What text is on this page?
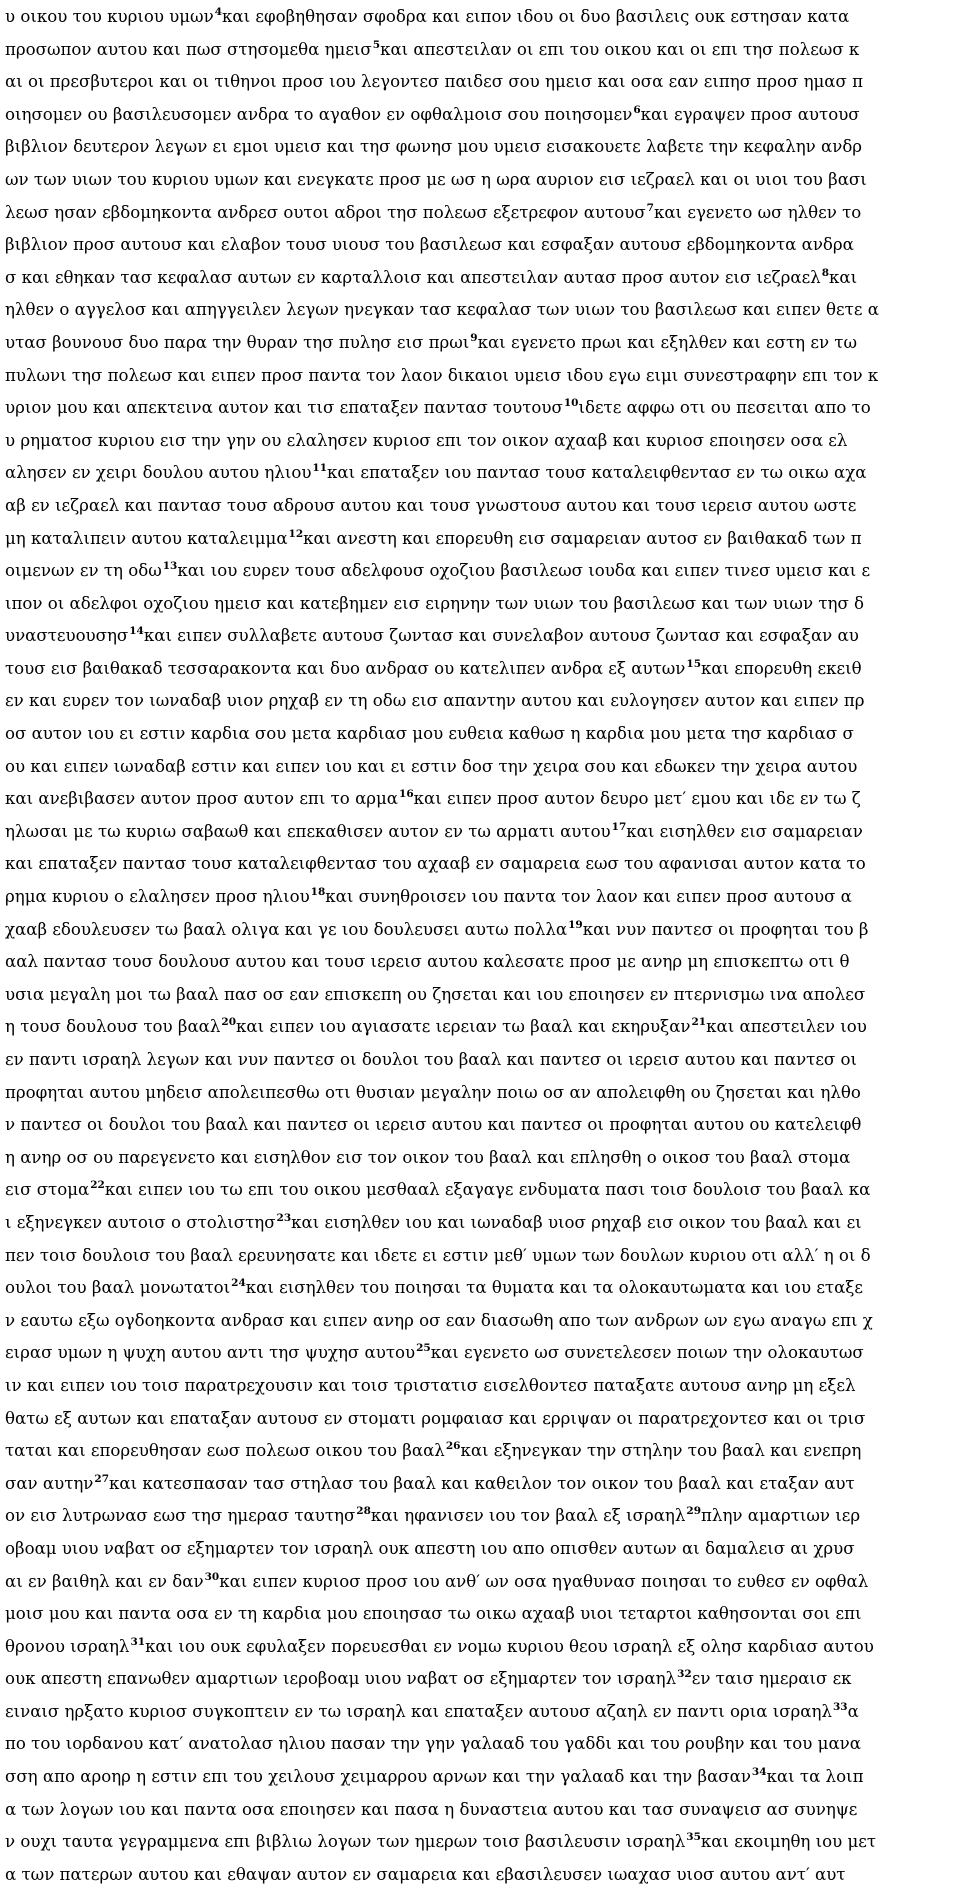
υ οικου του κυριου υμων$^4$και εφοβηθησαν σφοδρα και ειπον ιδου οι δυο βασιλεις ουκ εστησαν κατα
προσωπον αυτου και πωσ στησομεθα ημεισ$^5$και απεστειλαν οι επι του οικου και οι επι τησ πολεωσ κ
αι οι πρεσβυτεροι και οι τιθηνοι προσ ιου λεγοντεσ παιδεσ σου ημεισ και οσα εαν ειπησ προσ ημασ π
οιησομεν ου βασιλευσομεν ανδρα το αγαθον εν οφθαλμοισ σου ποιησομεν$^6$και εγραψεν προσ αυτουσ
βιβλιον δευτερον λεγων ει εμοι υμεισ και τησ φωνησ μου υμεισ εισακουετε λαβετε την κεφαλην ανδρ
ων των υιων του κυριου υμων και ενεγκατε προσ με ωσ η ωρα αυριον εισ ιεζραελ και οι υιοι του βασι
λεωσ ησαν εβδομηκοντα ανδρεσ ουτοι αδροι τησ πολεωσ εξετρεφον αυτουσ$^7$και εγενετο ωσ ηλθεν το
βιβλιον προσ αυτουσ και ελαβον τουσ υιουσ του βασιλεωσ και εσφαξαν αυτουσ εβδομηκοντα ανδρα
σ και εθηκαν τασ κεφαλασ αυτων εν καρταλλοισ και απεστειλαν αυτασ προσ αυτον εισ ιεζραελ$^8$και
ηλθεν ο αγγελοσ και απηγγειλεν λεγων ηνεγκαν τασ κεφαλασ των υιων του βασιλεωσ και ειπεν θετε α
υτασ βουνουσ δυο παρα την θυραν τησ πυλησ εισ πρωι$^9$και εγενετο πρωι και εξηλθεν και εστη εν τω
πυλωνι τησ πολεωσ και ειπεν προσ παντα τον λαον δικαιοι υμεισ ιδου εγω ειμι συνεστραφην επι τον κ
υριον μου και απεκτεινα αυτον και τισ επαταξεν παντασ τουτουσ$^{10}$ιδετε αφφω οτι ου πεσειται απο το
υ ρηματοσ κυριου εισ την γην ου ελαλησεν κυριοσ επι τον οικον αχααβ και κυριοσ εποιησεν οσα ελ
αλησεν εν χειρι δουλου αυτου ηλιου$^{11}$και επαταξεν ιου παντασ τουσ καταλειφθεντασ εν τω οικω αχα
αβ εν ιεζραελ και παντασ τουσ αδρουσ αυτου και τουσ γνωστουσ αυτου και τουσ ιερεισ αυτου ωστε
μη καταλιπειν αυτου καταλειμμα$^{12}$και ανεστη και επορευθη εισ σαμαρειαν αυτοσ εν βαιθακαδ των π
οιμενων εν τη οδω$^{13}$και ιου ευρεν τουσ αδελφουσ οχοζιου βασιλεωσ ιουδα και ειπεν τινεσ υμεισ και ε
ιπον οι αδελφοι οχοζιου ημεισ και κατεβημεν εισ ειρηνην των υιων του βασιλεωσ και των υιων τησ δ
υναστευουσησ$^{14}$και ειπεν συλλαβετε αυτουσ ζωντασ και συνελαβον αυτουσ ζωντασ και εσφαξαν αυ
τουσ εισ βαιθακαδ τεσσαρακοντα και δυο ανδρασ ου κατελιπεν ανδρα εξ αυτων$^{15}$και επορευθη εκειθ
εν και ευρεν τον ιωναδαβ υιον ρηχαβ εν τη οδω εισ απαντην αυτου και ευλογησεν αυτον και ειπεν πρ
οσ αυτον ιου ει εστιν καρδια σου μετα καρδιασ μου ευθεια καθωσ η καρδια μου μετα τησ καρδιασ σ
ου και ειπεν ιωναδαβ εστιν και ειπεν ιου και ει εστιν δοσ την χειρα σου και εδωκεν την χειρα αυτου
και ανεβιβασεν αυτον προσ αυτον επι το αρμα$^{16}$και ειπεν προσ αυτον δευρο μετ′ εμου και ιδε εν τω ζ
ηλωσαι με τω κυριω σαβαωθ και επεκαθισεν αυτον εν τω αρματι αυτου$^{17}$και εισηλθεν εισ σαμαρειαν
και επαταξεν παντασ τουσ καταλειφθεντασ του αχααβ εν σαμαρεια εωσ του αφανισαι αυτον κατα το
ρημα κυριου ο ελαλησεν προσ ηλιου$^{18}$και συνηθροισεν ιου παντα τον λαον και ειπεν προσ αυτουσ α
χααβ εδουλευσεν τω βααλ ολιγα και γε ιου δουλευσει αυτω πολλα$^{19}$και νυν παντεσ οι προφηται του β
ααλ παντασ τουσ δουλουσ αυτου και τουσ ιερεισ αυτου καλεσατε προσ με ανηρ μη επισκεπτω οτι θ
υσια μεγαλη μοι τω βααλ πασ οσ εαν επισκεπη ου ζησεται και ιου εποιησεν εν πτερνισμω ινα απολεσ
η τουσ δουλουσ του βααλ$^{20}$και ειπεν ιου αγιασατε ιερειαν τω βααλ και εκηρυξαν$^{21}$και απεστειλεν ιου
εν παντι ισραηλ λεγων και νυν παντεσ οι δουλοι του βααλ και παντεσ οι ιερεισ αυτου και παντεσ οι
προφηται αυτου μηδεισ απολειπεσθω οτι θυσιαν μεγαλην ποιω οσ αν απολειφθη ου ζησεται και ηλθο
ν παντεσ οι δουλοι του βααλ και παντεσ οι ιερεισ αυτου και παντεσ οι προφηται αυτου ου κατελειφθ
η ανηρ οσ ου παρεγενετο και εισηλθον εισ τον οικον του βααλ και επλησθη ο οικοσ του βααλ στομα
εισ στομα$^{22}$και ειπεν ιου τω επι του οικου μεσθααλ εξαγαγε ενδυματα πασι τοισ δουλοισ του βααλ κα
ι εξηνεγκεν αυτοισ ο στολιστησ$^{23}$και εισηλθεν ιου και ιωναδαβ υιοσ ρηχαβ εισ οικον του βααλ και ει
πεν τοισ δουλοισ του βααλ ερευνησατε και ιδετε ει εστιν μεθ′ υμων των δουλων κυριου οτι αλλ′ η οι δ
ουλοι του βααλ μονωτατοι$^{24}$και εισηλθεν του ποιησαι τα θυματα και τα ολοκαυτωματα και ιου εταξε
ν εαυτω εξω ογδοηκοντα ανδρασ και ειπεν ανηρ οσ εαν διασωθη απο των ανδρων ων εγω αναγω επι χ
ειρασ υμων η ψυχη αυτου αντι τησ ψυχησ αυτου$^{25}$και εγενετο ωσ συνετελεσεν ποιων την ολοκαυτωσ
ιν και ειπεν ιου τοισ παρατρεχουσιν και τοισ τριστατισ εισελθοντεσ παταξατε αυτουσ ανηρ μη εξελ
θατω εξ αυτων και επαταξαν αυτουσ εν στοματι ρομφαιασ και ερριψαν οι παρατρεχοντεσ και οι τρισ
ταται και επορευθησαν εωσ πολεωσ οικου του βααλ$^{26}$και εξηνεγκαν την στηλην του βααλ και ενεπρη
σαν αυτην$^{27}$και κατεσπασαν τασ στηλασ του βααλ και καθειλον τον οικον του βααλ και εταξαν αυτ
ον εισ λυτρωνασ εωσ τησ ημερασ ταυτησ$^{28}$και ηφανισεν ιου τον βααλ εξ ισραηλ$^{29}$πλην αμαρτιων ιερ
οβοαμ υιου ναβατ οσ εξημαρτεν τον ισραηλ ουκ απεστη ιου απο οπισθεν αυτων αι δαμαλεισ αι χρυσ
αι εν βαιθηλ και εν δαν$^{30}$και ειπεν κυριοσ προσ ιου ανθ′ ων οσα ηγαθυνασ ποιησαι το ευθεσ εν οφθαλ
μοισ μου και παντα οσα εν τη καρδια μου εποιησασ τω οικω αχααβ υιοι τεταρτοι καθησονται σοι επι
θρονου ισραηλ$^{31}$και ιου ουκ εφυλαξεν πορευεσθαι εν νομω κυριου θεου ισραηλ εξ ολησ καρδιασ αυτου
ουκ απεστη επανωθεν αμαρτιων ιεροβοαμ υιου ναβατ οσ εξημαρτεν τον ισραηλ$^{32}$εν ταισ ημεραισ εκ
ειναισ ηρξατο κυριοσ συγκοπτειν εν τω ισραηλ και επαταξεν αυτουσ αζαηλ εν παντι ορια ισραηλ$^{33}$α
πο του ιορδανου κατ′ ανατολασ ηλιου πασαν την γην γαλααδ του γαδδι και του ρουβην και του μανα
σση απο αροηρ η εστιν επι του χειλουσ χειμαρρου αρνων και την γαλααδ και την βασαν$^{34}$και τα λοιπ
α των λογων ιου και παντα οσα εποιησεν και πασα η δυναστεια αυτου και τασ συναψεισ ασ συνηψε
ν ουχι ταυτα γεγραμμενα επι βιβλιω λογων των ημερων τοισ βασιλευσιν ισραηλ$^{35}$και εκοιμηθη ιου μετ
α των πατερων αυτου και εθαψαν αυτον εν σαμαρεια και εβασιλευσεν ιωαχασ υιοσ αυτου αντ′ αυτ
